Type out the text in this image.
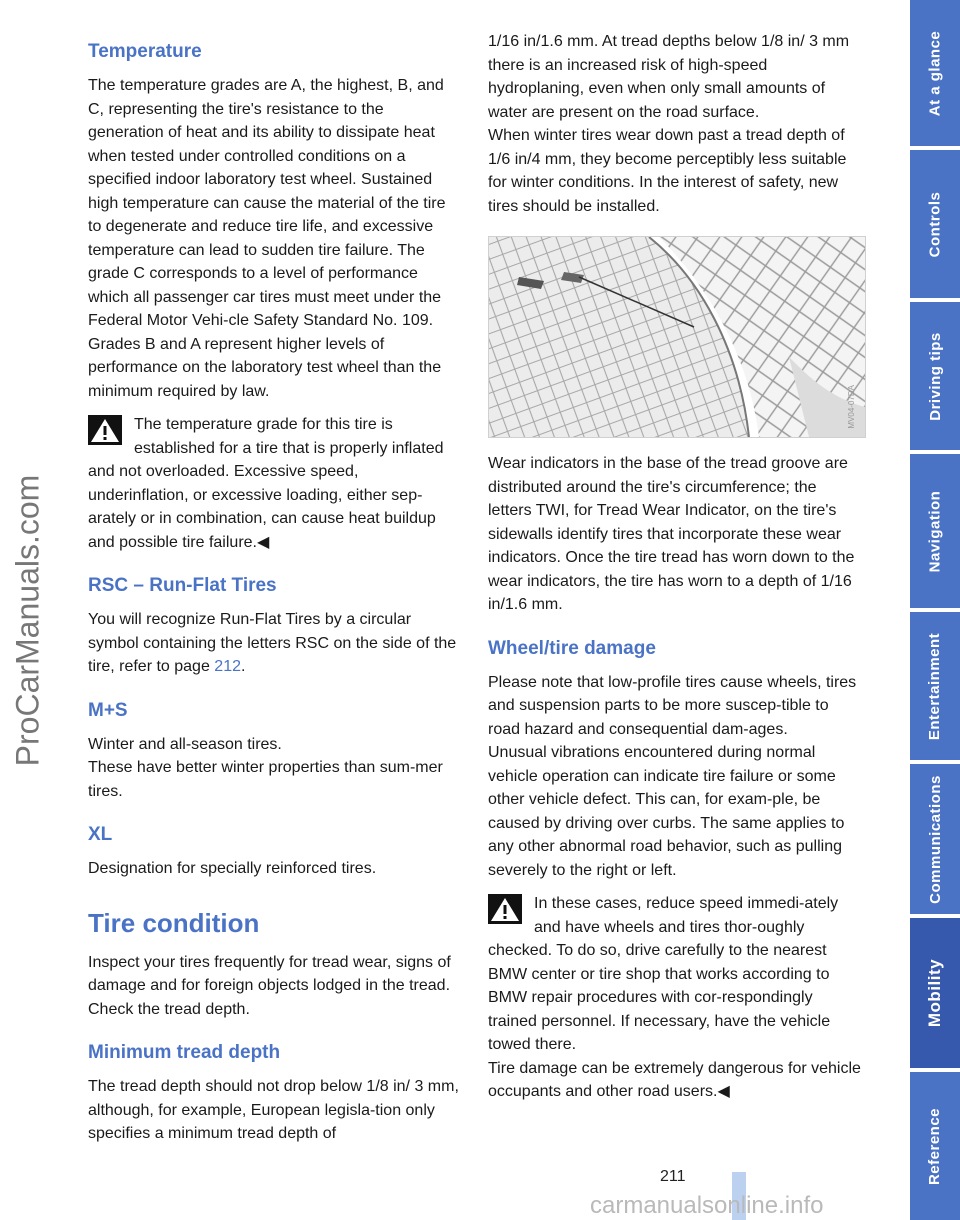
ProCarManuals.com
Temperature

The temperature grades are A, the highest, B, and C, representing the tire's resistance to the generation of heat and its ability to dissipate heat when tested under controlled conditions on a specified indoor laboratory test wheel. Sustained high temperature can cause the material of the tire to degenerate and reduce tire life, and excessive temperature can lead to sudden tire failure. The grade C corresponds to a level of performance which all passenger car tires must meet under the Federal Motor Vehi-cle Safety Standard No. 109. Grades B and A represent higher levels of performance on the laboratory test wheel than the minimum required by law.

The temperature grade for this tire is established for a tire that is properly inflated and not overloaded. Excessive speed, underinflation, or excessive loading, either sep-arately or in combination, can cause heat buildup and possible tire failure.◀

RSC – Run-Flat Tires

You will recognize Run-Flat Tires by a circular symbol containing the letters RSC on the side of the tire, refer to page 212.

M+S

Winter and all-season tires.

These have better winter properties than sum-mer tires.

XL

Designation for specially reinforced tires.

Tire condition

Inspect your tires frequently for tread wear, signs of damage and for foreign objects lodged in the tread. Check the tread depth.

Minimum tread depth

The tread depth should not drop below 1/8 in/ 3 mm, although, for example, European legisla-tion only specifies a minimum tread depth of

1/16 in/1.6 mm. At tread depths below 1/8 in/ 3 mm there is an increased risk of high-speed hydroplaning, even when only small amounts of water are present on the road surface.

When winter tires wear down past a tread depth of 1/6 in/4 mm, they become perceptibly less suitable for winter conditions. In the interest of safety, new tires should be installed.

MV04-07DA

Wear indicators in the base of the tread groove are distributed around the tire's circumference; the letters TWI, for Tread Wear Indicator, on the tire's sidewalls identify tires that incorporate these wear indicators. Once the tire tread has worn down to the wear indicators, the tire has worn to a depth of 1/16 in/1.6 mm.

Wheel/tire damage

Please note that low-profile tires cause wheels, tires and suspension parts to be more suscep-tible to road hazard and consequential dam-ages.

Unusual vibrations encountered during normal vehicle operation can indicate tire failure or some other vehicle defect. This can, for exam-ple, be caused by driving over curbs. The same applies to any other abnormal road behavior, such as pulling severely to the right or left.

In these cases, reduce speed immedi-ately and have wheels and tires thor-oughly checked. To do so, drive carefully to the nearest BMW center or tire shop that works according to BMW repair procedures with cor-respondingly trained personnel. If necessary, have the vehicle towed there.

Tire damage can be extremely dangerous for vehicle occupants and other road users.◀

At a glance
Controls
Driving tips
Navigation
Entertainment
Communications
Mobility
Reference
211
carmanualsonline.info
